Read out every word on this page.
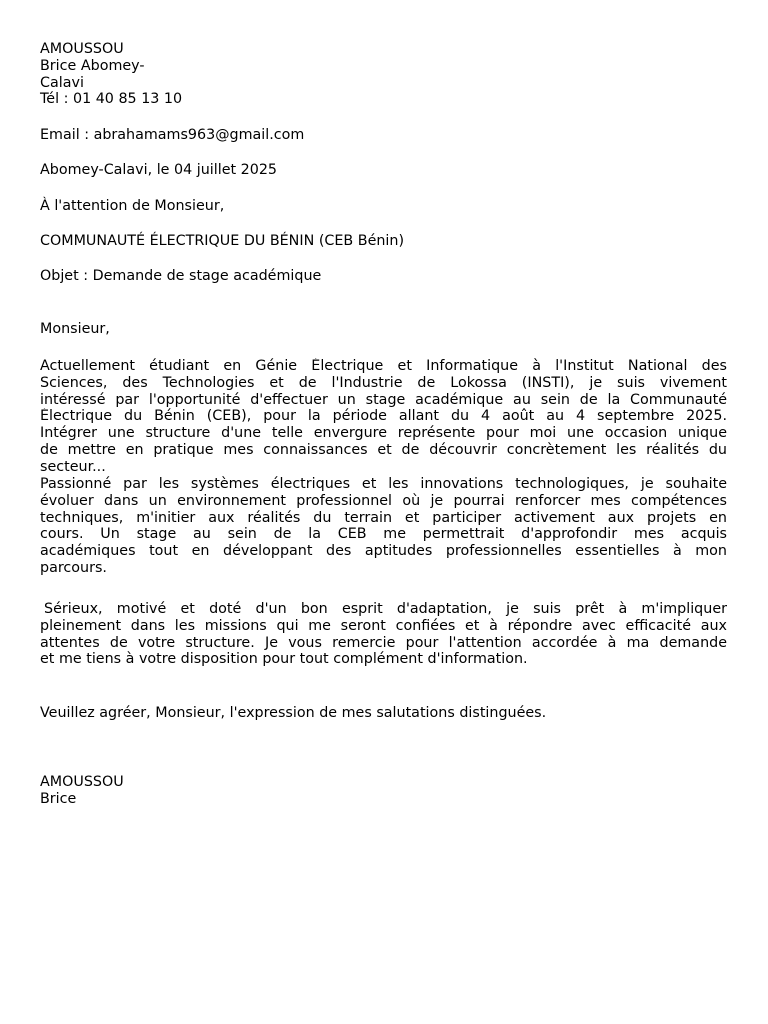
AMOUSSOU
Brice Abomey-
Calavi
Tél : 01 40 85 13 10
Email : abrahamams963@gmail.com
Abomey-Calavi, le 04 juillet 2025
À l'attention de Monsieur,
COMMUNAUTÉ ÉLECTRIQUE DU BÉNIN (CEB Bénin)
Objet : Demande de stage académique
Monsieur,
Actuellement étudiant en Génie Électrique et Informatique à l'Institut National des
Sciences, des Technologies et de l'Industrie de Lokossa (INSTI), je suis vivement
intéressé par l'opportunité d'effectuer un stage académique au sein de la Communauté
Électrique du Bénin (CEB), pour la période allant du 4 août au 4 septembre 2025.
Intégrer une structure d'une telle envergure représente pour moi une occasion unique
de mettre en pratique mes connaissances et de découvrir concrètement les réalités du
secteur...
Passionné par les systèmes électriques et les innovations technologiques, je souhaite
évoluer dans un environnement professionnel où je pourrai renforcer mes compétences
techniques, m'initier aux réalités du terrain et participer activement aux projets en
cours. Un stage au sein de la CEB me permettrait d'approfondir mes acquis
académiques tout en développant des aptitudes professionnelles essentielles à mon
parcours.
Sérieux, motivé et doté d'un bon esprit d'adaptation, je suis prêt à m'impliquer
pleinement dans les missions qui me seront confiées et à répondre avec efficacité aux
attentes de votre structure. Je vous remercie pour l'attention accordée à ma demande
et me tiens à votre disposition pour tout complément d'information.
Veuillez agréer, Monsieur, l'expression de mes salutations distinguées.
AMOUSSOU
Brice
